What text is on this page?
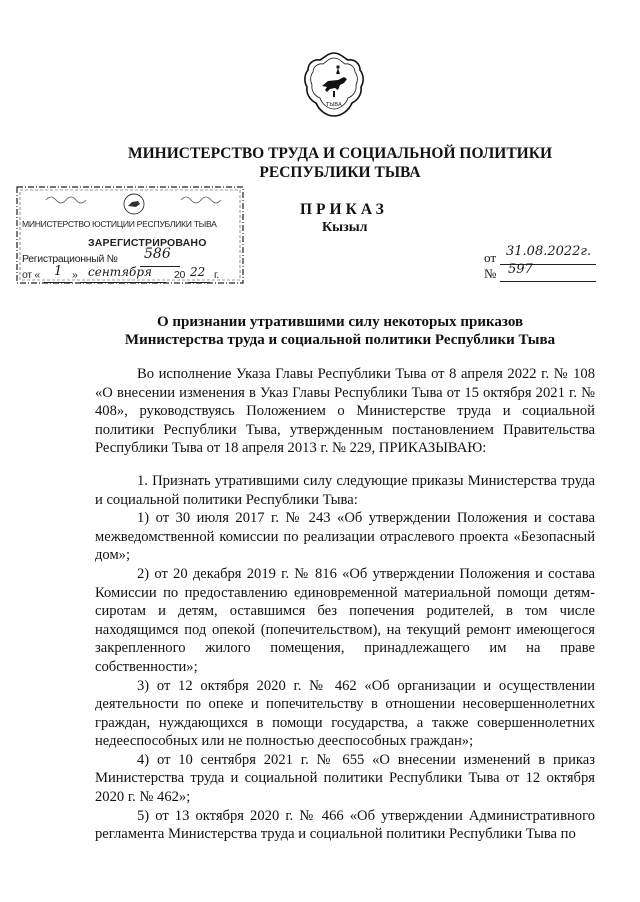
ТЫВА
МИНИСТЕРСТВО ТРУДА И СОЦИАЛЬНОЙ ПОЛИТИКИ
РЕСПУБЛИКИ ТЫВА
МИНИСТЕРСТВО ЮСТИЦИИ РЕСПУБЛИКИ ТЫВА
ЗАРЕГИСТРИРОВАНО
Регистрационный № 586
от « 1 » сентября 20 22 г.
ПРИКАЗ
Кызыл
от 31.08.2022г.
№ 597
О признании утратившими силу некоторых приказов
Министерства труда и социальной политики Республики Тыва

Во исполнение Указа Главы Республики Тыва от 8 апреля 2022 г. № 108 «О внесении изменения в Указ Главы Республики Тыва от 15 октября 2021 г. № 408», руководствуясь Положением о Министерстве труда и социальной политики Республики Тыва, утвержденным постановлением Правительства Республики Тыва от 18 апреля 2013 г. № 229, ПРИКАЗЫВАЮ:

1. Признать утратившими силу следующие приказы Министерства труда и социальной политики Республики Тыва:

1) от 30 июля 2017 г. № 243 «Об утверждении Положения и состава межведомственной комиссии по реализации отраслевого проекта «Безопасный дом»;

2) от 20 декабря 2019 г. № 816 «Об утверждении Положения и состава Комиссии по предоставлению единовременной материальной помощи детям-сиротам и детям, оставшимся без попечения родителей, в том числе находящимся под опекой (попечительством), на текущий ремонт имеющегося закрепленного жилого помещения, принадлежащего им на праве собственности»;

3) от 12 октября 2020 г. № 462 «Об организации и осуществлении деятельности по опеке и попечительству в отношении несовершеннолетних граждан, нуждающихся в помощи государства, а также совершеннолетних недееспособных или не полностью дееспособных граждан»;

4) от 10 сентября 2021 г. № 655 «О внесении изменений в приказ Министерства труда и социальной политики Республики Тыва от 12 октября 2020 г. № 462»;

5) от 13 октября 2020 г. № 466 «Об утверждении Административного регламента Министерства труда и социальной политики Республики Тыва по
